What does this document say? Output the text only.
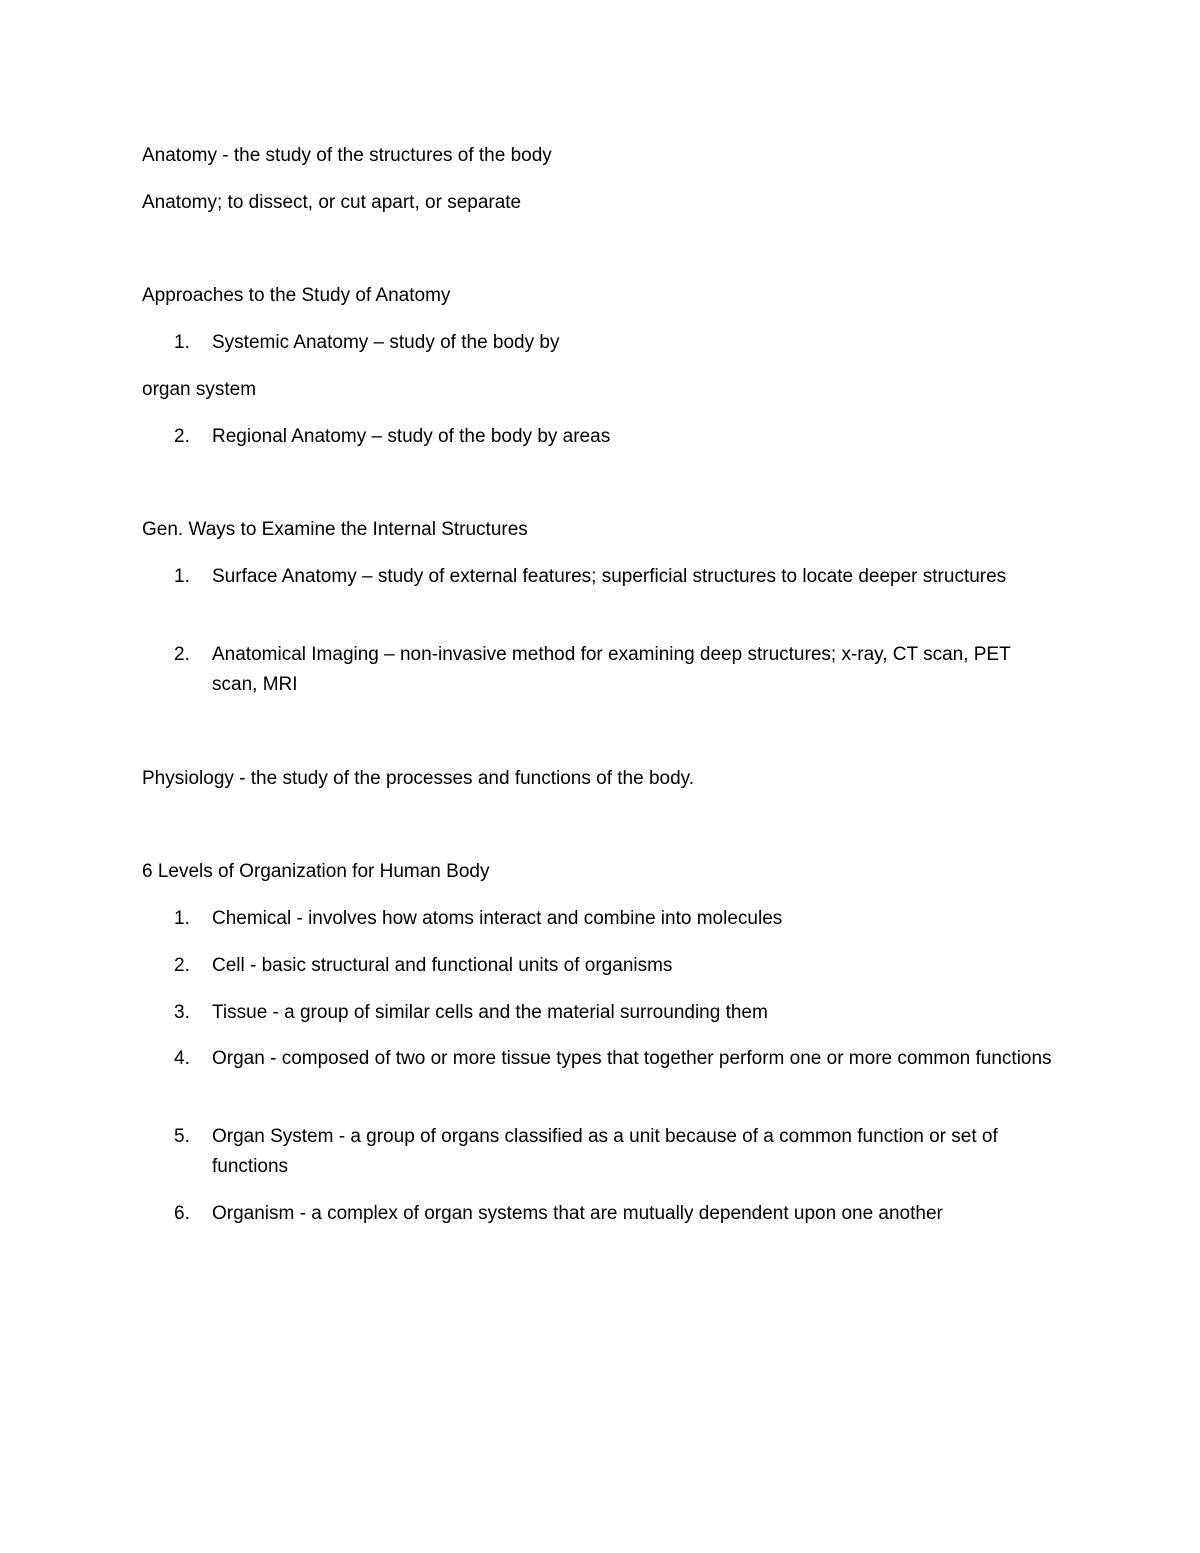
Anatomy - the study of the structures of the body
Anatomy; to dissect, or cut apart, or separate
Approaches to the Study of Anatomy
1.	Systemic Anatomy – study of the body by
organ system
2.	Regional Anatomy – study of the body by areas
Gen. Ways to Examine the Internal Structures
1.	Surface Anatomy – study of external features; superficial structures to locate deeper structures
2.	Anatomical Imaging – non-invasive method for examining deep structures; x-ray, CT scan, PET scan, MRI
Physiology - the study of the processes and functions of the body.
6 Levels of Organization for Human Body
1.	Chemical - involves how atoms interact and combine into molecules
2.	Cell - basic structural and functional units of organisms
3.	Tissue - a group of similar cells and the material surrounding them
4.	Organ - composed of two or more tissue types that together perform one or more common functions
5.	Organ System - a group of organs classified as a unit because of a common function or set of functions
6.	Organism - a complex of organ systems that are mutually dependent upon one another
